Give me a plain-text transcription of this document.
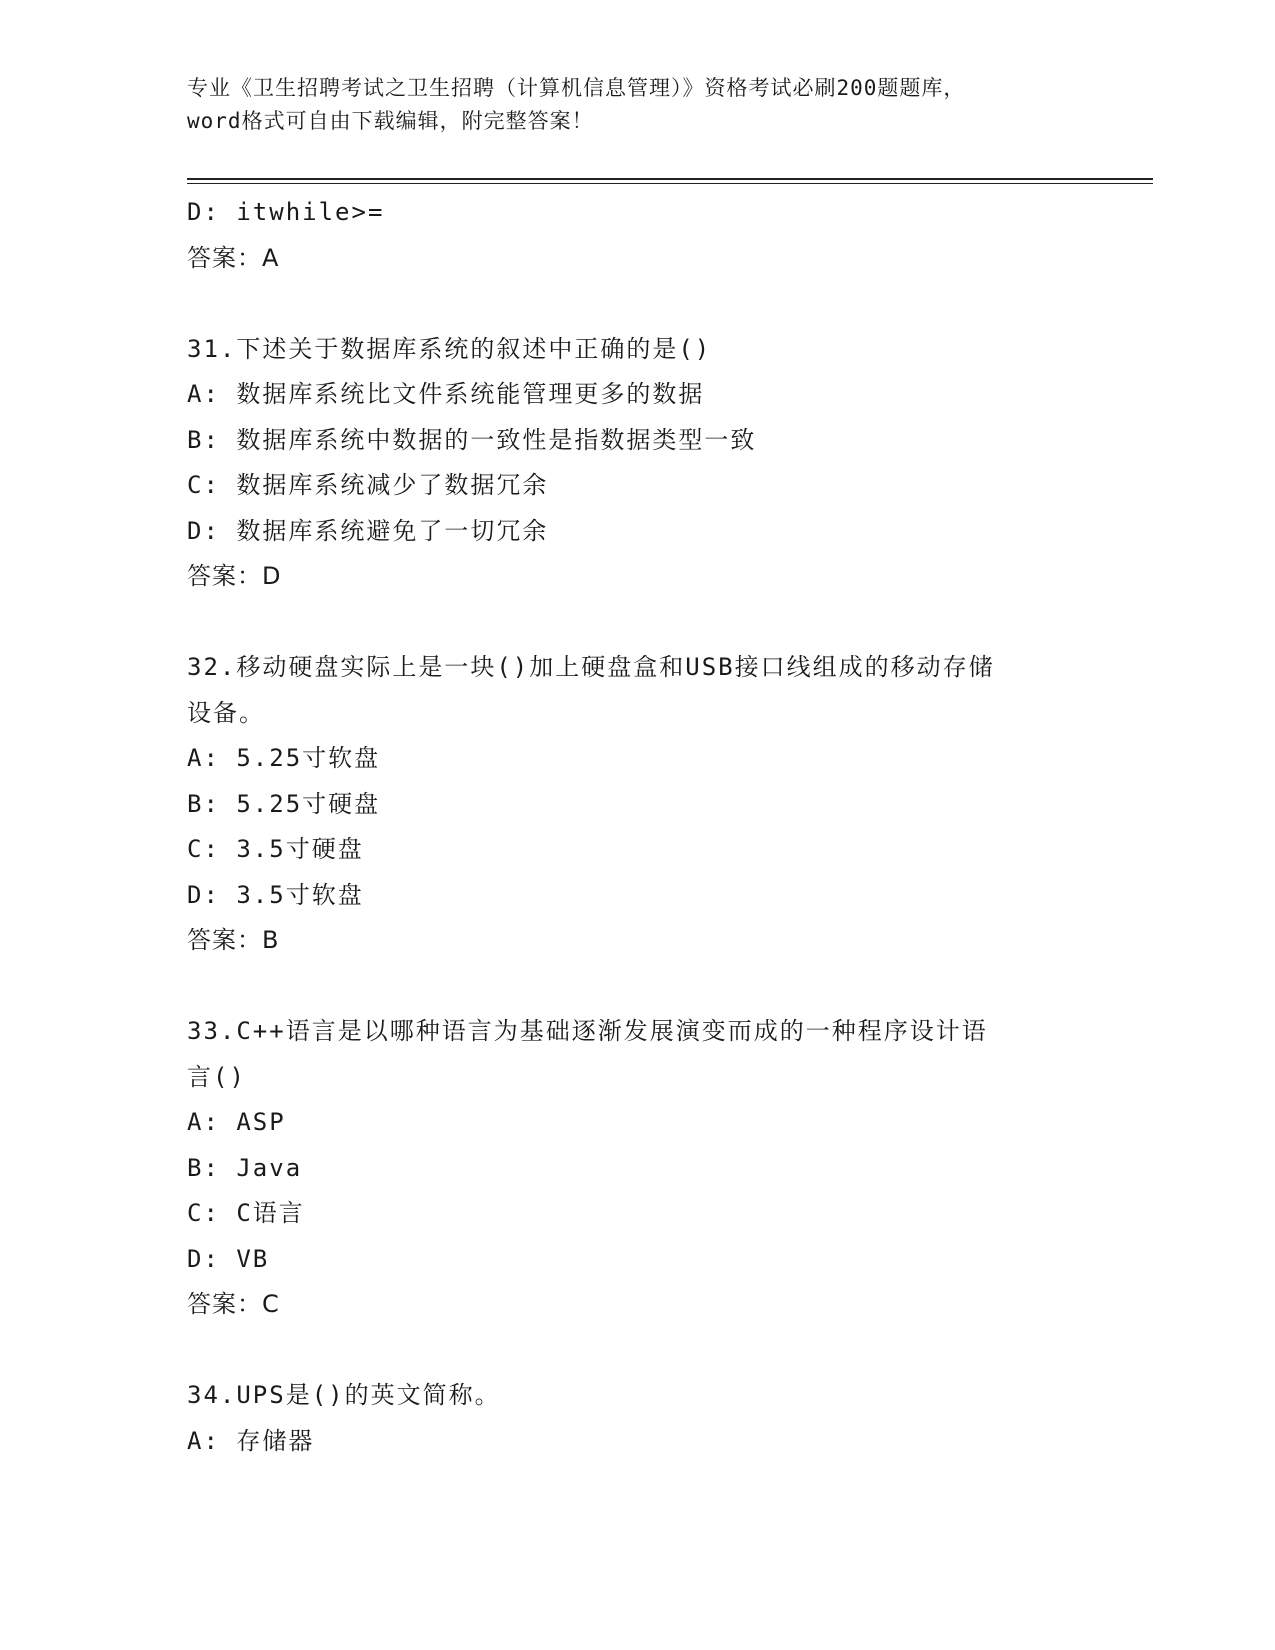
专业《卫生招聘考试之卫生招聘（计算机信息管理）》资格考试必刷200题题库，
word格式可自由下载编辑，附完整答案！
D: itwhile>=
答案：A
31.下述关于数据库系统的叙述中正确的是()
A: 数据库系统比文件系统能管理更多的数据
B: 数据库系统中数据的一致性是指数据类型一致
C: 数据库系统减少了数据冗余
D: 数据库系统避免了一切冗余
答案：D
32.移动硬盘实际上是一块()加上硬盘盒和USB接口线组成的移动存储
设备。
A: 5.25寸软盘
B: 5.25寸硬盘
C: 3.5寸硬盘
D: 3.5寸软盘
答案：B
33.C++语言是以哪种语言为基础逐渐发展演变而成的一种程序设计语
言()
A: ASP
B: Java
C: C语言
D: VB
答案：C
34.UPS是()的英文简称。
A: 存储器
